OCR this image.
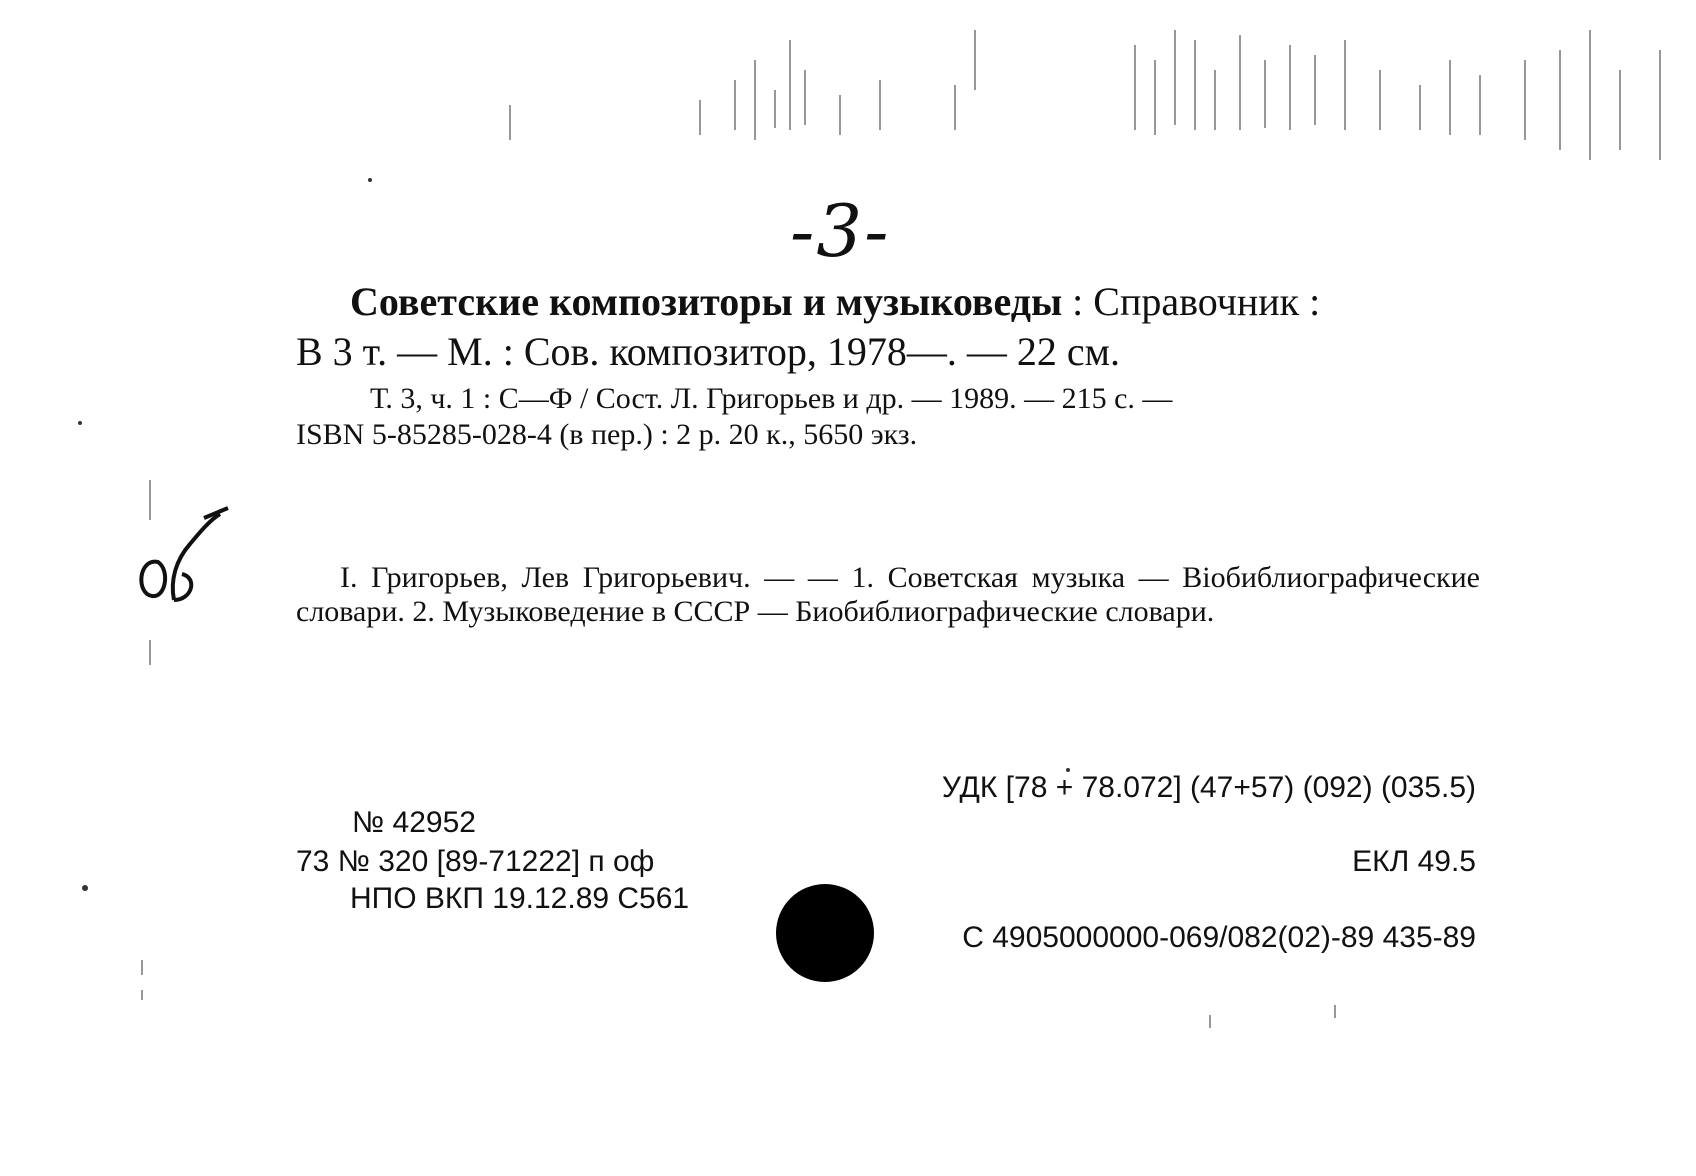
-3-
Советские композиторы и музыковеды : Справочник :
В 3 т. — М. : Сов. композитор, 1978—. — 22 см.
Т. 3, ч. 1 : С—Ф / Сост. Л. Григорьев и др. — 1989. — 215 с. —
ISBN 5-85285-028-4 (в пер.) : 2 р. 20 к., 5650 экз.
I. Григорьев, Лев Григорьевич. — — 1. Советская музыка — Biобиблиографические словари. 2. Музыковедение в СССР — Биобиблиографические словари.
УДК [78 + 78.072] (47+57) (092) (035.5)
№ 42952
73 № 320 [89-71222] п оф	ЕКЛ 49.5
НПО ВКП 19.12.89 С561
С 4905000000-069/082(02)-89 435-89
